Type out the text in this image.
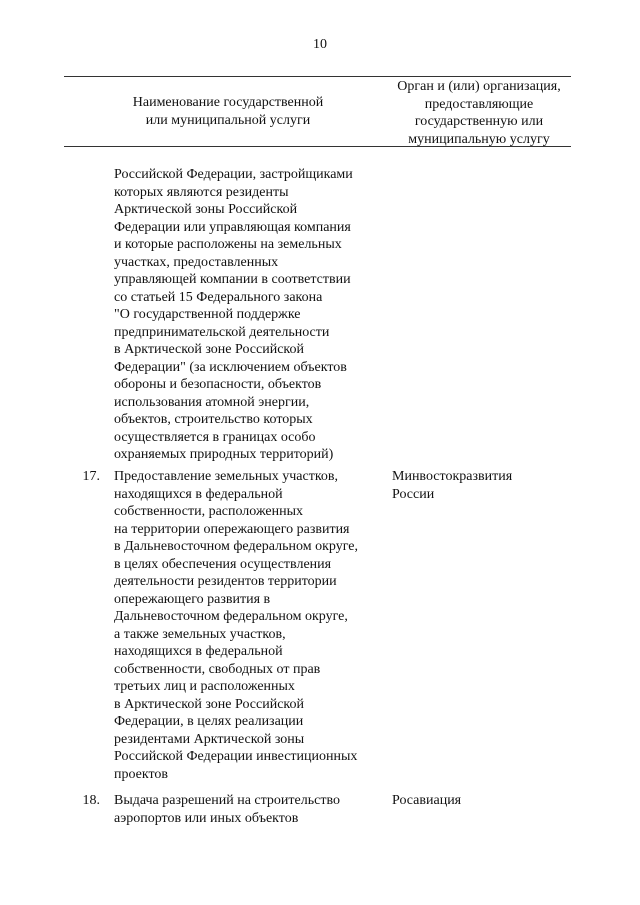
10
Наименование государственной
или муниципальной услуги
Орган и (или) организация,
предоставляющие
государственную или
муниципальную услугу
Российской Федерации, застройщиками
которых являются резиденты
Арктической зоны Российской
Федерации или управляющая компания
и которые расположены на земельных
участках, предоставленных
управляющей компании в соответствии
со статьей 15 Федерального закона
"О государственной поддержке
предпринимательской деятельности
в Арктической зоне Российской
Федерации" (за исключением объектов
обороны и безопасности, объектов
использования атомной энергии,
объектов, строительство которых
осуществляется в границах особо
охраняемых природных территорий)
17. Предоставление земельных участков,
находящихся в федеральной
собственности, расположенных
на территории опережающего развития
в Дальневосточном федеральном округе,
в целях обеспечения осуществления
деятельности резидентов территории
опережающего развития в
Дальневосточном федеральном округе,
а также земельных участков,
находящихся в федеральной
собственности, свободных от прав
третьих лиц и расположенных
в Арктической зоне Российской
Федерации, в целях реализации
резидентами Арктической зоны
Российской Федерации инвестиционных
проектов
Минвостокразвития
России
18. Выдача разрешений на строительство
аэропортов или иных объектов
Росавиация
